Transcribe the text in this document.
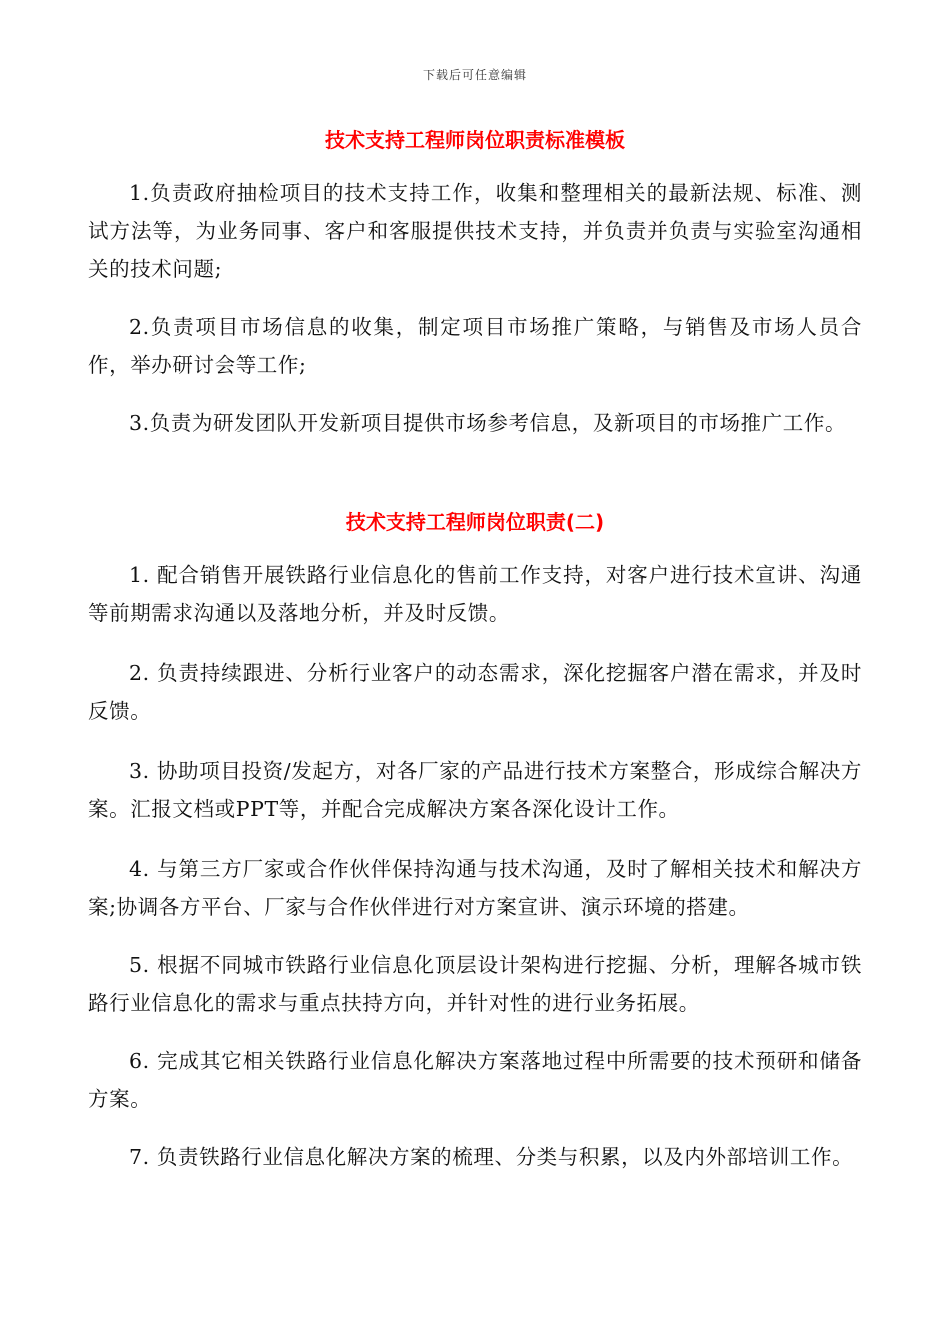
下载后可任意编辑
技术支持工程师岗位职责标准模板

1.负责政府抽检项目的技术支持工作，收集和整理相关的最新法规、标准、测试方法等，为业务同事、客户和客服提供技术支持，并负责并负责与实验室沟通相关的技术问题;

2.负责项目市场信息的收集，制定项目市场推广策略，与销售及市场人员合作，举办研讨会等工作;

3.负责为研发团队开发新项目提供市场参考信息，及新项目的市场推广工作。

技术支持工程师岗位职责(二)

1. 配合销售开展铁路行业信息化的售前工作支持，对客户进行技术宣讲、沟通等前期需求沟通以及落地分析，并及时反馈。

2. 负责持续跟进、分析行业客户的动态需求，深化挖掘客户潜在需求，并及时反馈。

3. 协助项目投资/发起方，对各厂家的产品进行技术方案整合，形成综合解决方案。汇报文档或PPT等，并配合完成解决方案各深化设计工作。

4. 与第三方厂家或合作伙伴保持沟通与技术沟通，及时了解相关技术和解决方案;协调各方平台、厂家与合作伙伴进行对方案宣讲、演示环境的搭建。

5. 根据不同城市铁路行业信息化顶层设计架构进行挖掘、分析，理解各城市铁路行业信息化的需求与重点扶持方向，并针对性的进行业务拓展。

6. 完成其它相关铁路行业信息化解决方案落地过程中所需要的技术预研和储备方案。

7. 负责铁路行业信息化解决方案的梳理、分类与积累，以及内外部培训工作。
